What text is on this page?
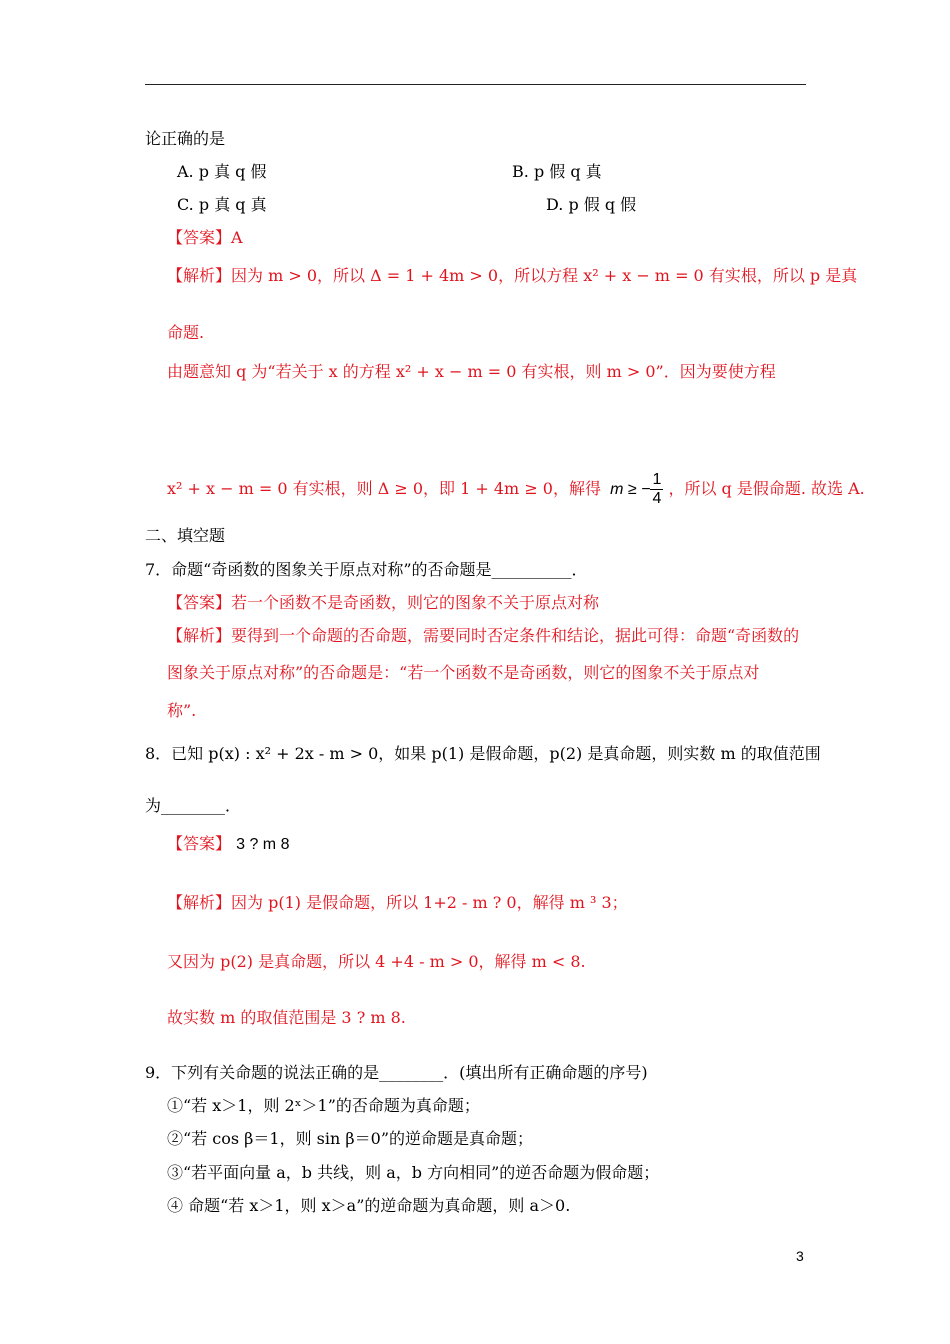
论正确的是
A. p 真 q 假	B. p 假 q 真
C. p 真 q 真	D. p 假 q 假
【答案】A
【解析】因为 m > 0，所以 Δ = 1 + 4m > 0，所以方程 x² + x − m = 0 有实根，所以 p 是真
命题.
由题意知 q 为“若关于 x 的方程 x² + x − m = 0 有实根，则 m > 0”．因为要使方程
x² + x − m = 0 有实根，则 Δ ≥ 0，即 1 + 4m ≥ 0，解得 m ≥ − $\frac{1}{4}$ ，所以 q 是假命题. 故选 A.
二、填空题
7．命题“奇函数的图象关于原点对称”的否命题是__________．
【答案】若一个函数不是奇函数，则它的图象不关于原点对称
【解析】要得到一个命题的否命题，需要同时否定条件和结论，据此可得：命题“奇函数的
图象关于原点对称”的否命题是：“若一个函数不是奇函数，则它的图象不关于原点对
称”.
8．已知 p(x) : x² + 2x - m > 0，如果 p(1) 是假命题，p(2) 是真命题，则实数 m 的取值范围
为________．
【答案】 3 ? m 8
【解析】因为 p(1) 是假命题，所以 1+2 - m ? 0，解得 m ³ 3；
又因为 p(2) 是真命题，所以 4 +4 - m > 0，解得 m < 8.
故实数 m 的取值范围是 3 ? m 8.
9．下列有关命题的说法正确的是________．(填出所有正确命题的序号)
①“若 x＞1，则 2ˣ＞1”的否命题为真命题；
②“若 cos β＝1，则 sin β＝0”的逆命题是真命题；
③“若平面向量 a，b 共线，则 a，b 方向相同”的逆否命题为假命题；
④ 命题“若 x＞1，则 x＞a”的逆命题为真命题，则 a＞0.
3
